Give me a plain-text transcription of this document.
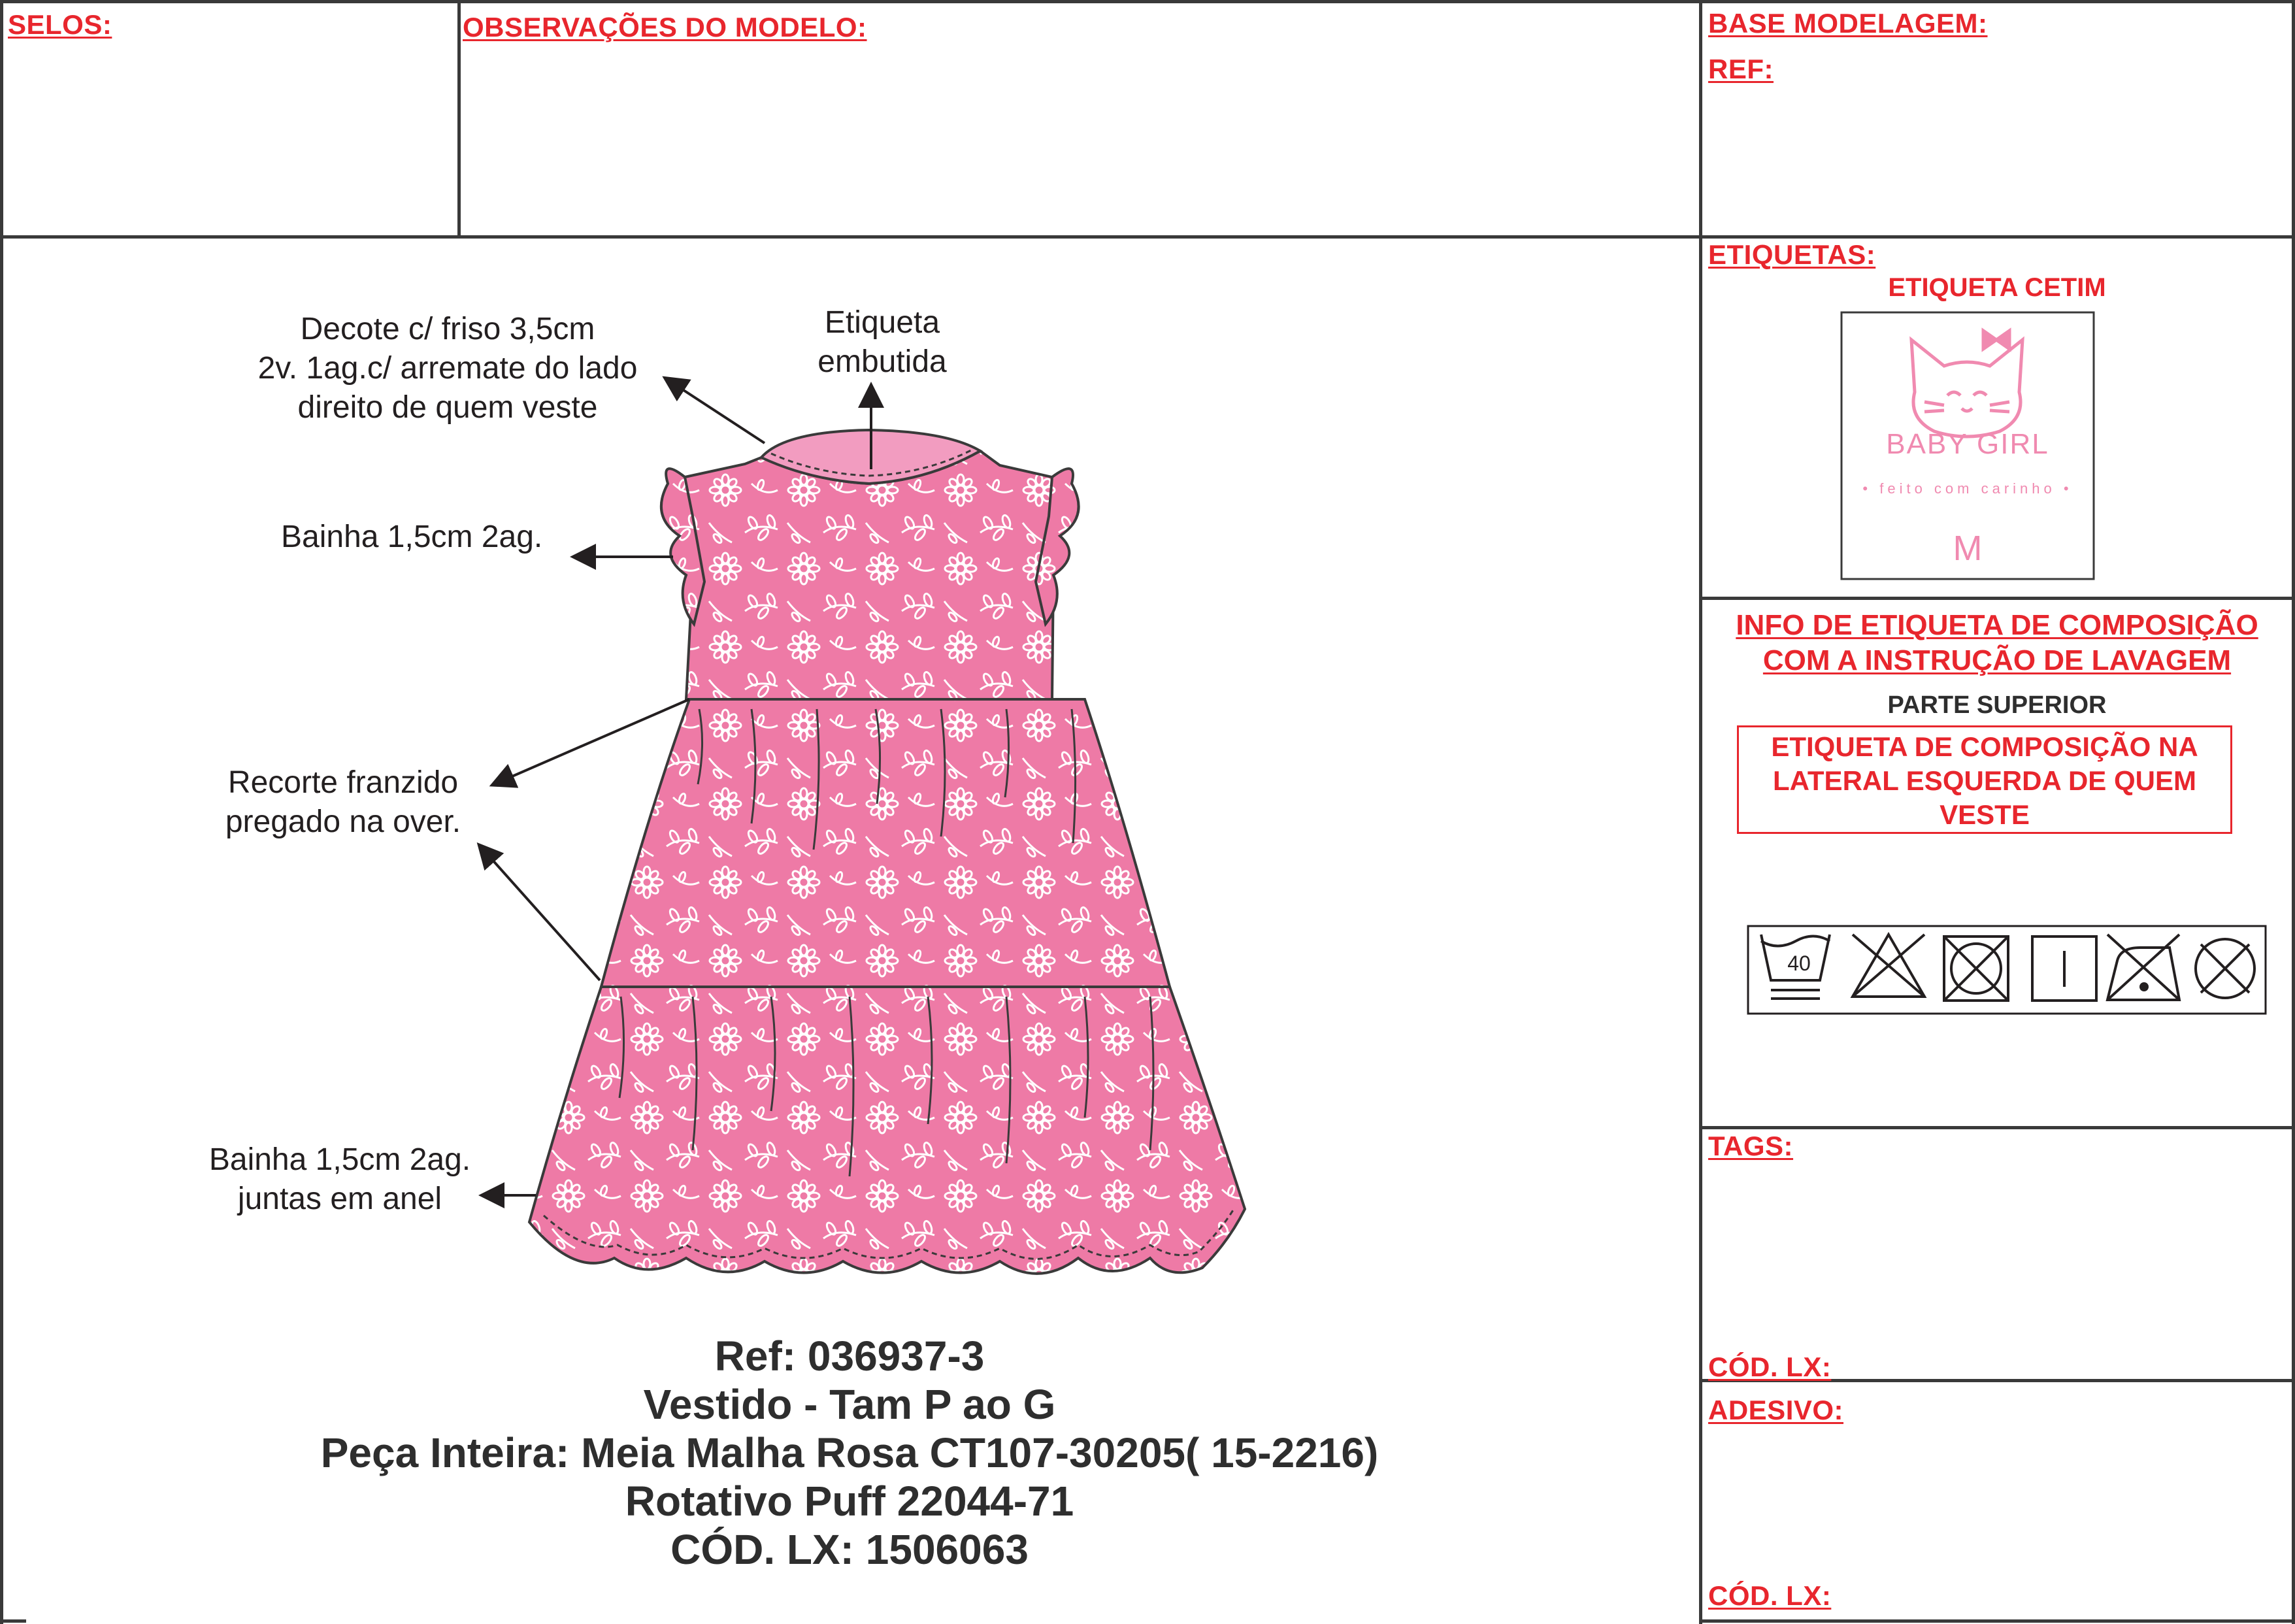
SELOS:	OBSERVAÇÕES DO MODELO:	BASE MODELAGEM:
REF:
ETIQUETAS:
ETIQUETA CETIM
INFO DE ETIQUETA DE COMPOSIÇÃO
COM A INSTRUÇÃO DE LAVAGEM
PARTE SUPERIOR
ETIQUETA DE COMPOSIÇÃO NA
LATERAL ESQUERDA DE QUEM
VESTE
TAGS:
CÓD. LX:
ADESIVO:
CÓD. LX:
40
BABY GIRL
• feito com carinho •
M
Decote c/ friso 3,5cm
2v. 1ag.c/ arremate do lado
direito de quem veste
Etiqueta
embutida
Bainha 1,5cm 2ag.
Recorte franzido
pregado na over.
Bainha 1,5cm 2ag.
juntas em anel
Ref: 036937-3
Vestido - Tam P ao G
Peça Inteira: Meia Malha Rosa CT107-30205( 15-2216)
Rotativo Puff 22044-71
CÓD. LX: 1506063
